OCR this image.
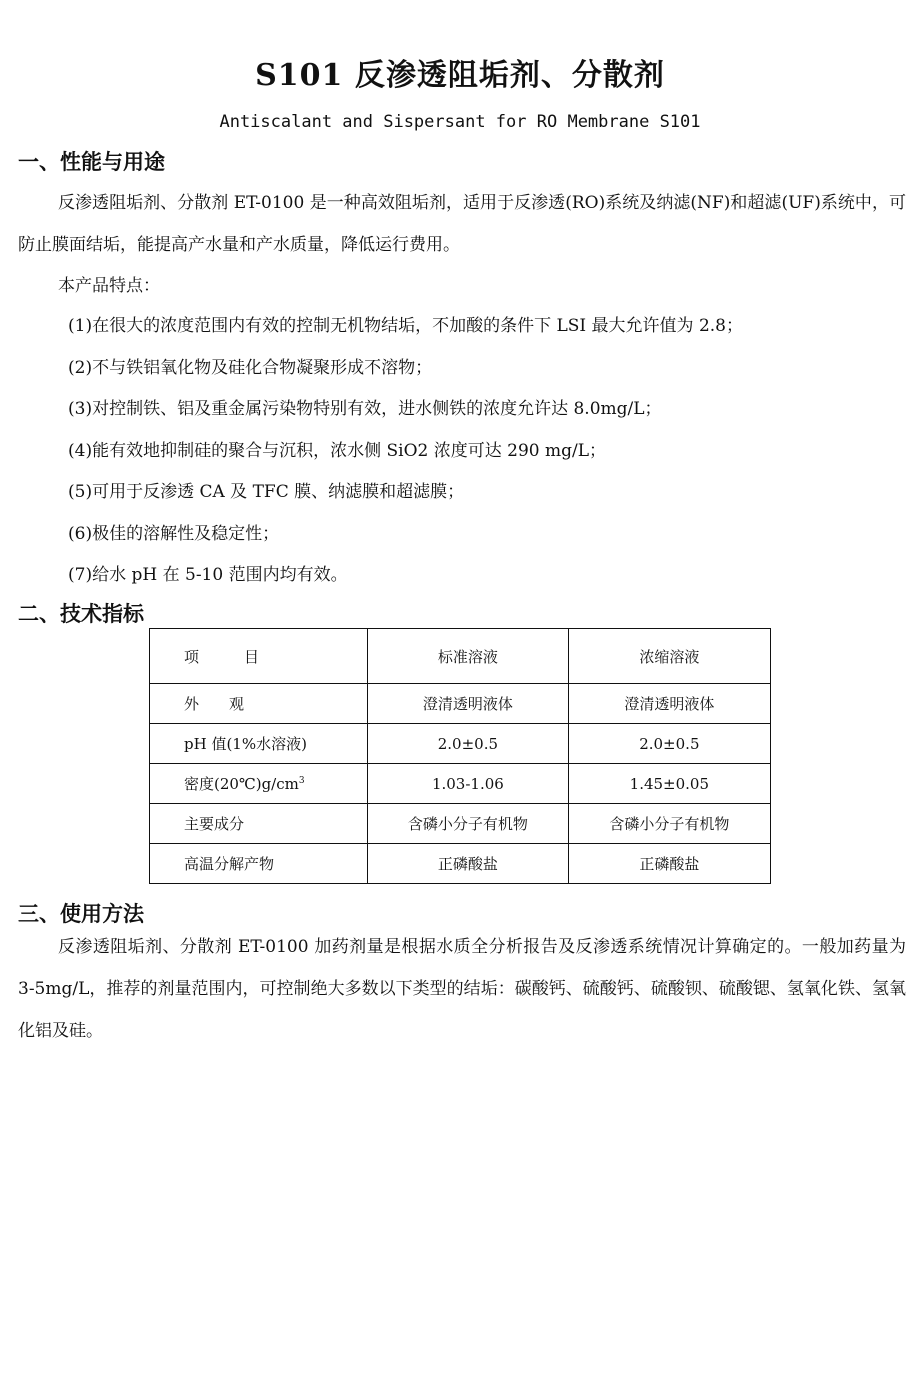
S101 反渗透阻垢剂、分散剂
Antiscalant and Sispersant for RO Membrane S101
一、性能与用途
反渗透阻垢剂、分散剂 ET-0100 是一种高效阻垢剂，适用于反渗透(RO)系统及纳滤(NF)和超滤(UF)系统中，可防止膜面结垢，能提高产水量和产水质量，降低运行费用。
本产品特点：
(1)在很大的浓度范围内有效的控制无机物结垢，不加酸的条件下 LSI 最大允许值为 2.8；
(2)不与铁铝氧化物及硅化合物凝聚形成不溶物；
(3)对控制铁、铝及重金属污染物特别有效，进水侧铁的浓度允许达 8.0mg/L；
(4)能有效地抑制硅的聚合与沉积，浓水侧 SiO2 浓度可达 290 mg/L；
(5)可用于反渗透 CA 及 TFC 膜、纳滤膜和超滤膜；
(6)极佳的溶解性及稳定性；
(7)给水 pH 在 5-10 范围内均有效。
二、技术指标
项　　　目	标准溶液	浓缩溶液
外　　观	澄清透明液体	澄清透明液体
pH 值(1%水溶液)	2.0±0.5	2.0±0.5
密度$(20℃)g/cm^3$	1.03-1.06	1.45±0.05
主要成分	含磷小分子有机物	含磷小分子有机物
高温分解产物	正磷酸盐	正磷酸盐
三、使用方法
反渗透阻垢剂、分散剂 ET-0100 加药剂量是根据水质全分析报告及反渗透系统情况计算确定的。一般加药量为 3-5mg/L，推荐的剂量范围内，可控制绝大多数以下类型的结垢：碳酸钙、硫酸钙、硫酸钡、硫酸锶、氢氧化铁、氢氧化铝及硅。
